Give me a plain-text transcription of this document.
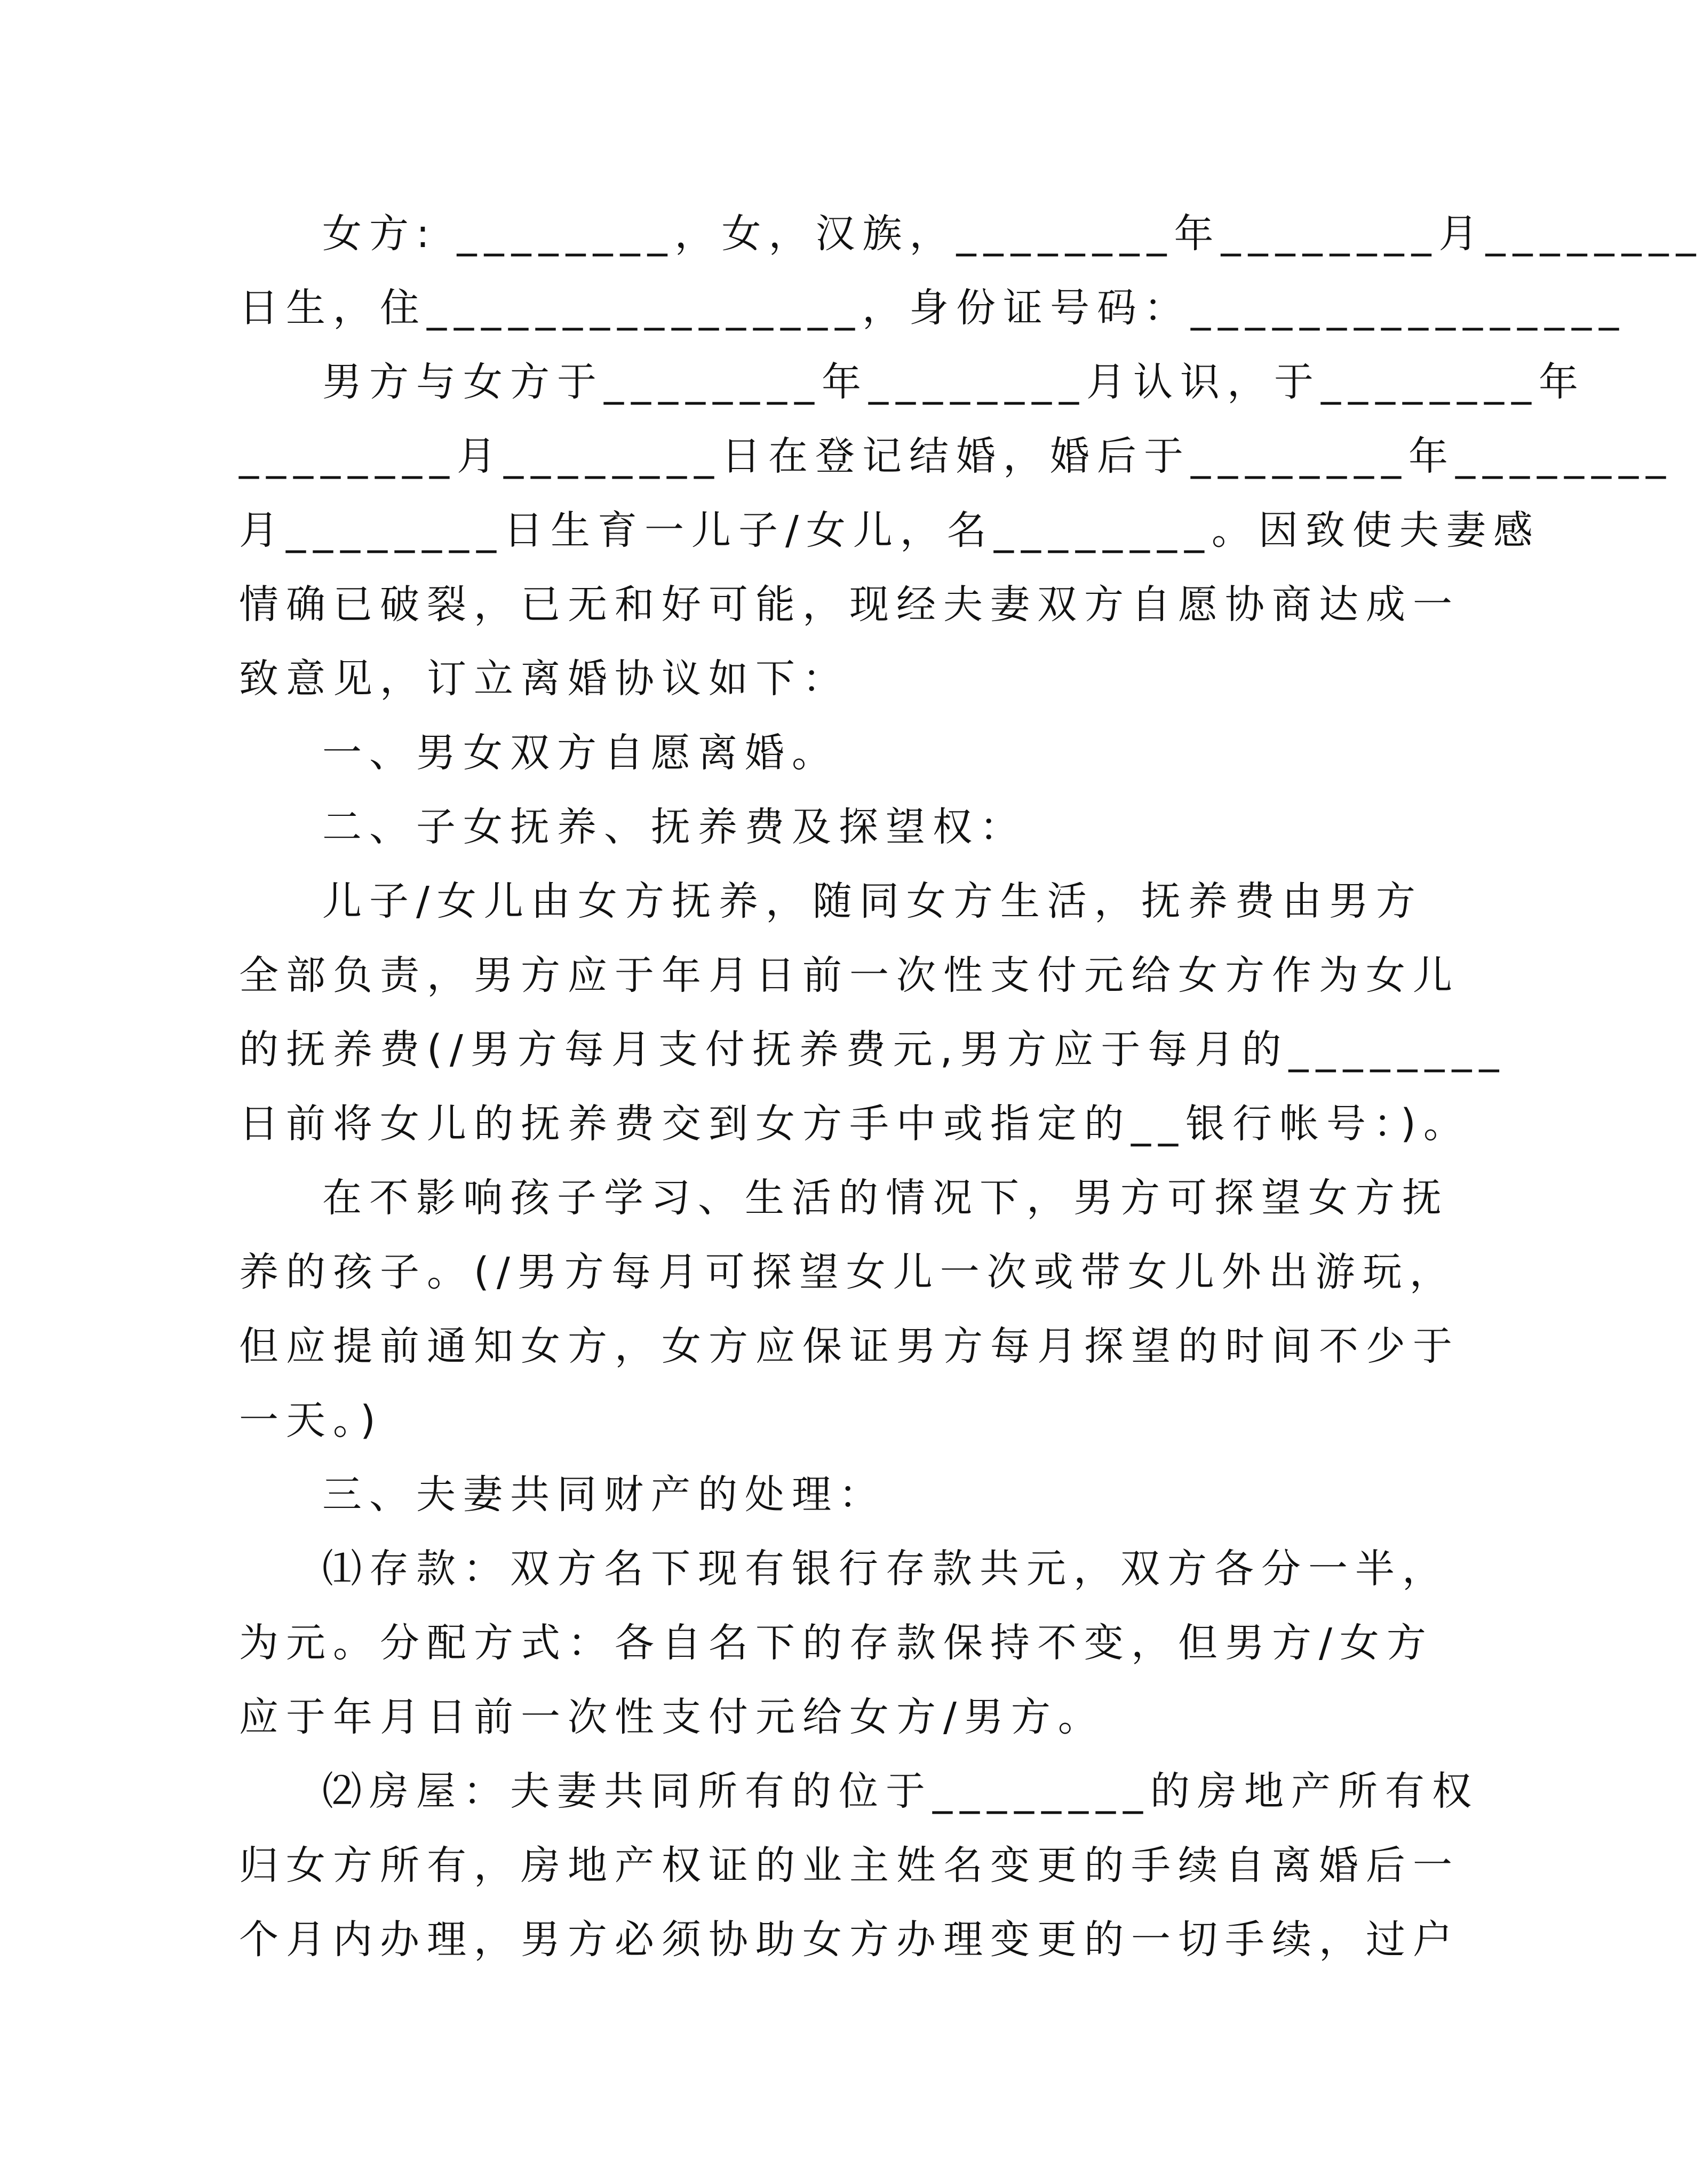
女方: ________，女，汉族，________年________月________
日生，住________________，身份证号码：________________
男方与女方于________年________月认识，于________年
________月________日在登记结婚，婚后于________年________
月________日生育一儿子/女儿，名________。因致使夫妻感
情确已破裂，已无和好可能，现经夫妻双方自愿协商达成一
致意见，订立离婚协议如下：
一、男女双方自愿离婚。
二、子女抚养、抚养费及探望权：
儿子/女儿由女方抚养，随同女方生活，抚养费由男方
全部负责，男方应于年月日前一次性支付元给女方作为女儿
的抚养费(/男方每月支付抚养费元,男方应于每月的________
日前将女儿的抚养费交到女方手中或指定的__银行帐号：)。
在不影响孩子学习、生活的情况下，男方可探望女方抚
养的孩子。(/男方每月可探望女儿一次或带女儿外出游玩，
但应提前通知女方，女方应保证男方每月探望的时间不少于
一天。)
三、夫妻共同财产的处理：
⑴存款：双方名下现有银行存款共元，双方各分一半，
为元。分配方式：各自名下的存款保持不变，但男方/女方
应于年月日前一次性支付元给女方/男方。
⑵房屋：夫妻共同所有的位于________的房地产所有权
归女方所有，房地产权证的业主姓名变更的手续自离婚后一
个月内办理，男方必须协助女方办理变更的一切手续，过户
